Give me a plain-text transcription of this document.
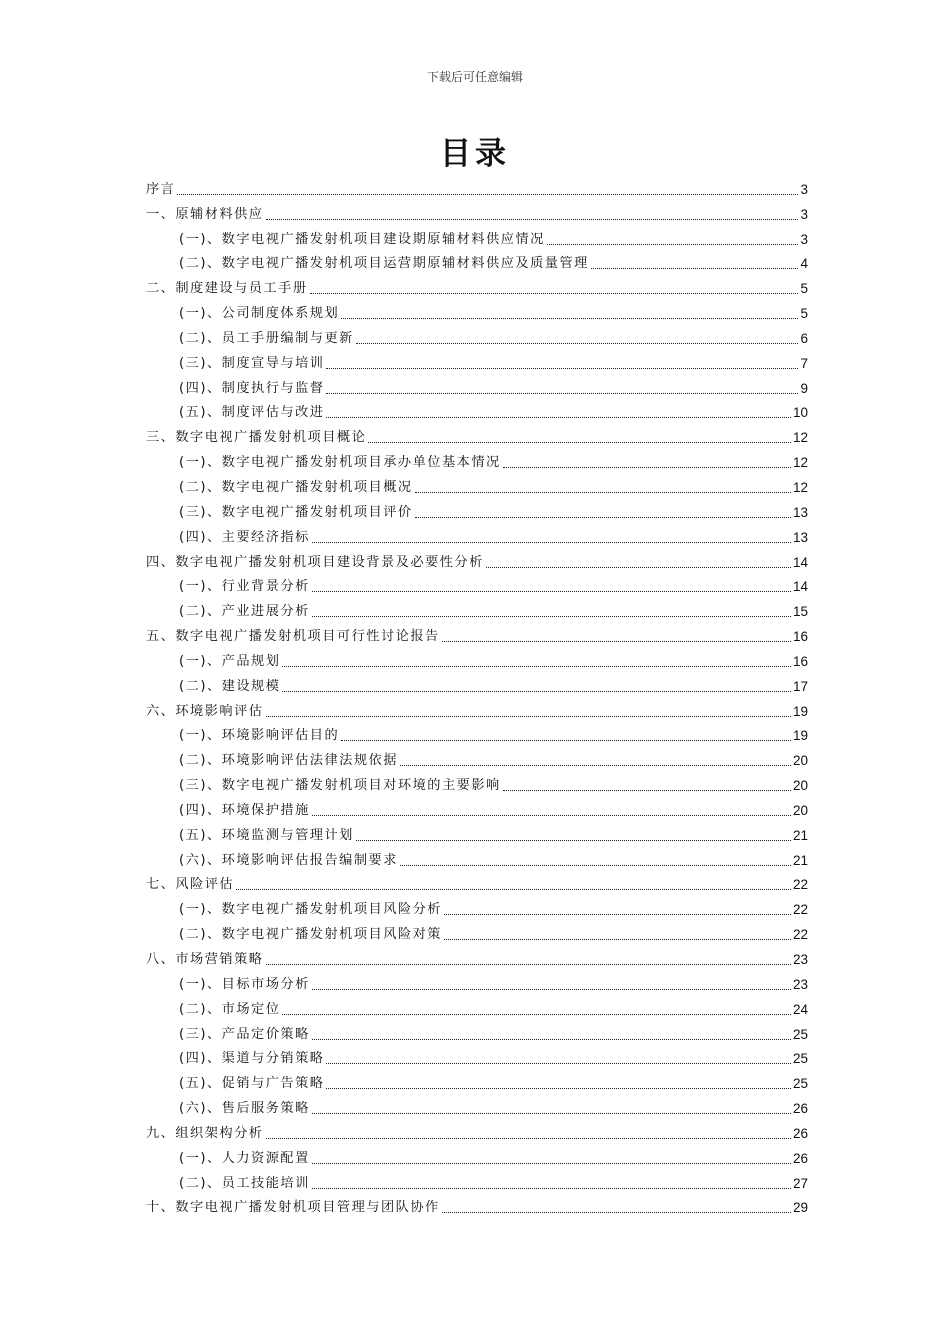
下载后可任意编辑
目录
序言	3
一、原辅材料供应	3
(一)、数字电视广播发射机项目建设期原辅材料供应情况	3
(二)、数字电视广播发射机项目运营期原辅材料供应及质量管理	4
二、制度建设与员工手册	5
(一)、公司制度体系规划	5
(二)、员工手册编制与更新	6
(三)、制度宣导与培训	7
(四)、制度执行与监督	9
(五)、制度评估与改进	10
三、数字电视广播发射机项目概论	12
(一)、数字电视广播发射机项目承办单位基本情况	12
(二)、数字电视广播发射机项目概况	12
(三)、数字电视广播发射机项目评价	13
(四)、主要经济指标	13
四、数字电视广播发射机项目建设背景及必要性分析	14
(一)、行业背景分析	14
(二)、产业进展分析	15
五、数字电视广播发射机项目可行性讨论报告	16
(一)、产品规划	16
(二)、建设规模	17
六、环境影响评估	19
(一)、环境影响评估目的	19
(二)、环境影响评估法律法规依据	20
(三)、数字电视广播发射机项目对环境的主要影响	20
(四)、环境保护措施	20
(五)、环境监测与管理计划	21
(六)、环境影响评估报告编制要求	21
七、风险评估	22
(一)、数字电视广播发射机项目风险分析	22
(二)、数字电视广播发射机项目风险对策	22
八、市场营销策略	23
(一)、目标市场分析	23
(二)、市场定位	24
(三)、产品定价策略	25
(四)、渠道与分销策略	25
(五)、促销与广告策略	25
(六)、售后服务策略	26
九、组织架构分析	26
(一)、人力资源配置	26
(二)、员工技能培训	27
十、数字电视广播发射机项目管理与团队协作	29
